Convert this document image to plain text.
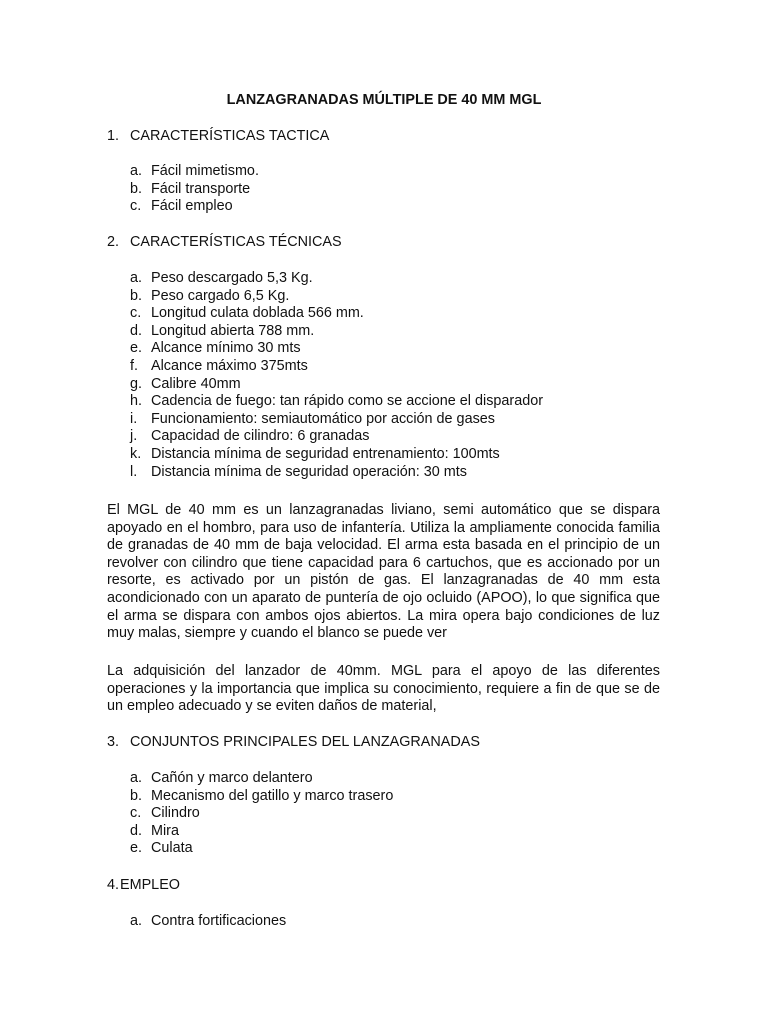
LANZAGRANADAS MÚLTIPLE DE 40 MM MGL
1. CARACTERÍSTICAS TACTICA
a. Fácil mimetismo.
b. Fácil transporte
c. Fácil empleo
2. CARACTERÍSTICAS TÉCNICAS
a. Peso descargado 5,3 Kg.
b. Peso cargado 6,5 Kg.
c. Longitud culata doblada 566 mm.
d. Longitud abierta 788 mm.
e. Alcance mínimo 30 mts
f. Alcance máximo 375mts
g. Calibre 40mm
h. Cadencia de fuego: tan rápido como se accione el disparador
i. Funcionamiento: semiautomático por acción de gases
j. Capacidad de cilindro: 6 granadas
k. Distancia mínima de seguridad entrenamiento: 100mts
l. Distancia mínima de seguridad operación: 30 mts

El MGL de 40 mm es un lanzagranadas liviano, semi automático que se dispara apoyado en el hombro, para uso de infantería. Utiliza la ampliamente conocida familia de granadas de 40 mm de baja velocidad. El arma esta basada en el principio de un revolver con cilindro que tiene capacidad para 6 cartuchos, que es accionado por un resorte, es activado por un pistón de gas. El lanzagranadas de 40 mm esta acondicionado con un aparato de puntería de ojo ocluido (APOO), lo que significa que el arma se dispara con ambos ojos abiertos. La mira opera bajo condiciones de luz muy malas, siempre y cuando el blanco se puede ver

La adquisición del lanzador de 40mm. MGL para el apoyo de las diferentes operaciones y la importancia que implica su conocimiento, requiere a fin de que se de un empleo adecuado y se eviten daños de material,

3. CONJUNTOS PRINCIPALES DEL LANZAGRANADAS
a. Cañón y marco delantero
b. Mecanismo del gatillo y marco trasero
c. Cilindro
d. Mira
e. Culata
4.EMPLEO
a. Contra fortificaciones
